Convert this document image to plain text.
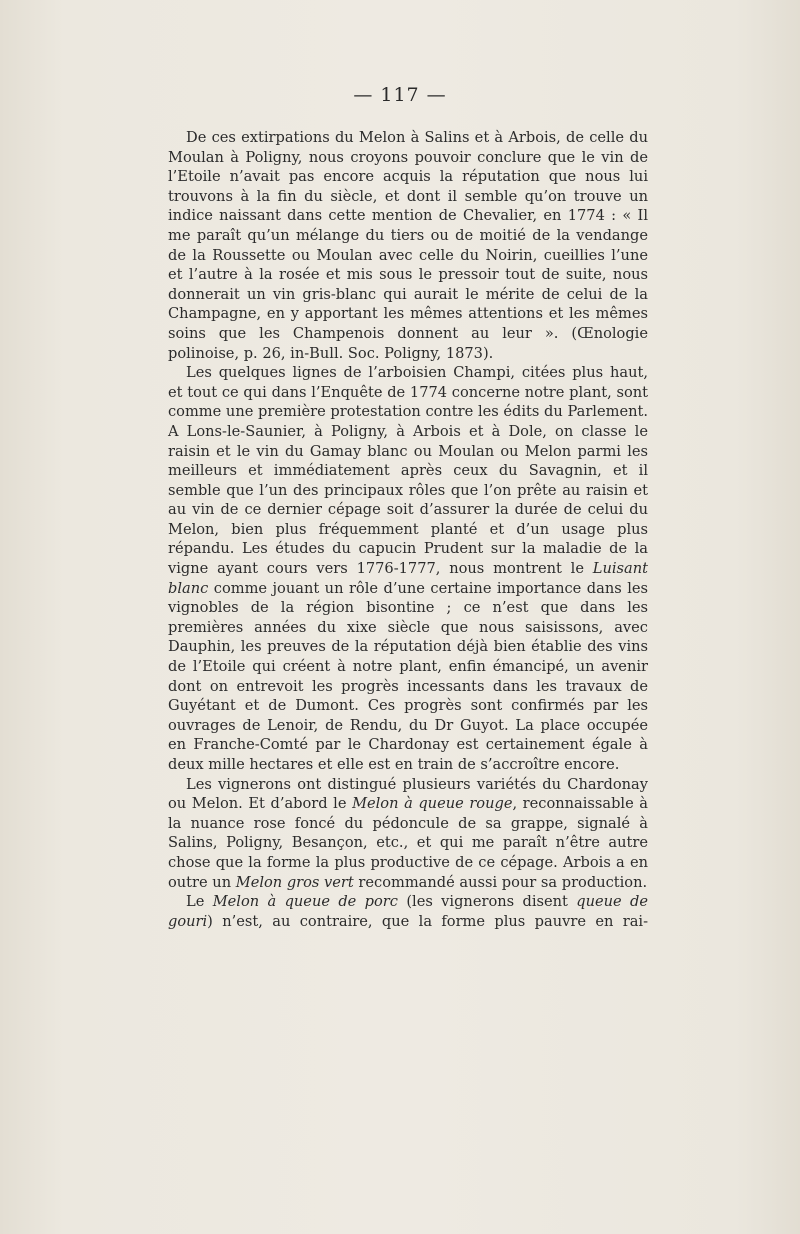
— 117 —

De ces extirpations du Melon à Salins et à Arbois, de celle du Moulan à Poligny, nous croyons pouvoir conclure que le vin de l’Etoile n’avait pas encore acquis la réputation que nous lui trouvons à la fin du siècle, et dont il semble qu’on trouve un indice naissant dans cette mention de Chevalier, en 1774 : « Il me paraît qu’un mélange du tiers ou de moitié de la vendange de la Roussette ou Moulan avec celle du Noirin, cueillies l’une et l’autre à la rosée et mis sous le pressoir tout de suite, nous donnerait un vin gris-blanc qui aurait le mérite de celui de la Champagne, en y apportant les mêmes attentions et les mêmes soins que les Champenois donnent au leur ». (Œnologie polinoise, p. 26, in-Bull. Soc. Poligny, 1873).

Les quelques lignes de l’arboisien Champi, citées plus haut, et tout ce qui dans l’Enquête de 1774 concerne notre plant, sont comme une première protestation contre les édits du Parlement. A Lons-le-Saunier, à Poligny, à Arbois et à Dole, on classe le raisin et le vin du Gamay blanc ou Moulan ou Melon parmi les meilleurs et immédiatement après ceux du Savagnin, et il semble que l’un des principaux rôles que l’on prête au raisin et au vin de ce dernier cépage soit d’assurer la durée de celui du Melon, bien plus fréquemment planté et d’un usage plus répandu. Les études du capucin Prudent sur la maladie de la vigne ayant cours vers 1776-1777, nous montrent le Luisant blanc comme jouant un rôle d’une certaine importance dans les vignobles de la région bisontine ; ce n’est que dans les premières années du xixe siècle que nous saisissons, avec Dauphin, les preuves de la réputation déjà bien établie des vins de l’Etoile qui créent à notre plant, enfin émancipé, un avenir dont on entrevoit les progrès incessants dans les travaux de Guyétant et de Dumont. Ces progrès sont confirmés par les ouvrages de Lenoir, de Rendu, du Dr Guyot. La place occupée en Franche-Comté par le Chardonay est certainement égale à deux mille hectares et elle est en train de s’accroître encore.

Les vignerons ont distingué plusieurs variétés du Chardonay ou Melon. Et d’abord le Melon à queue rouge, reconnaissable à la nuance rose foncé du pédoncule de sa grappe, signalé à Salins, Poligny, Besançon, etc., et qui me paraît n’être autre chose que la forme la plus productive de ce cépage. Arbois a en outre un Melon gros vert recommandé aussi pour sa production.

Le Melon à queue de porc (les vignerons disent queue de gouri) n’est, au contraire, que la forme plus pauvre en rai-
